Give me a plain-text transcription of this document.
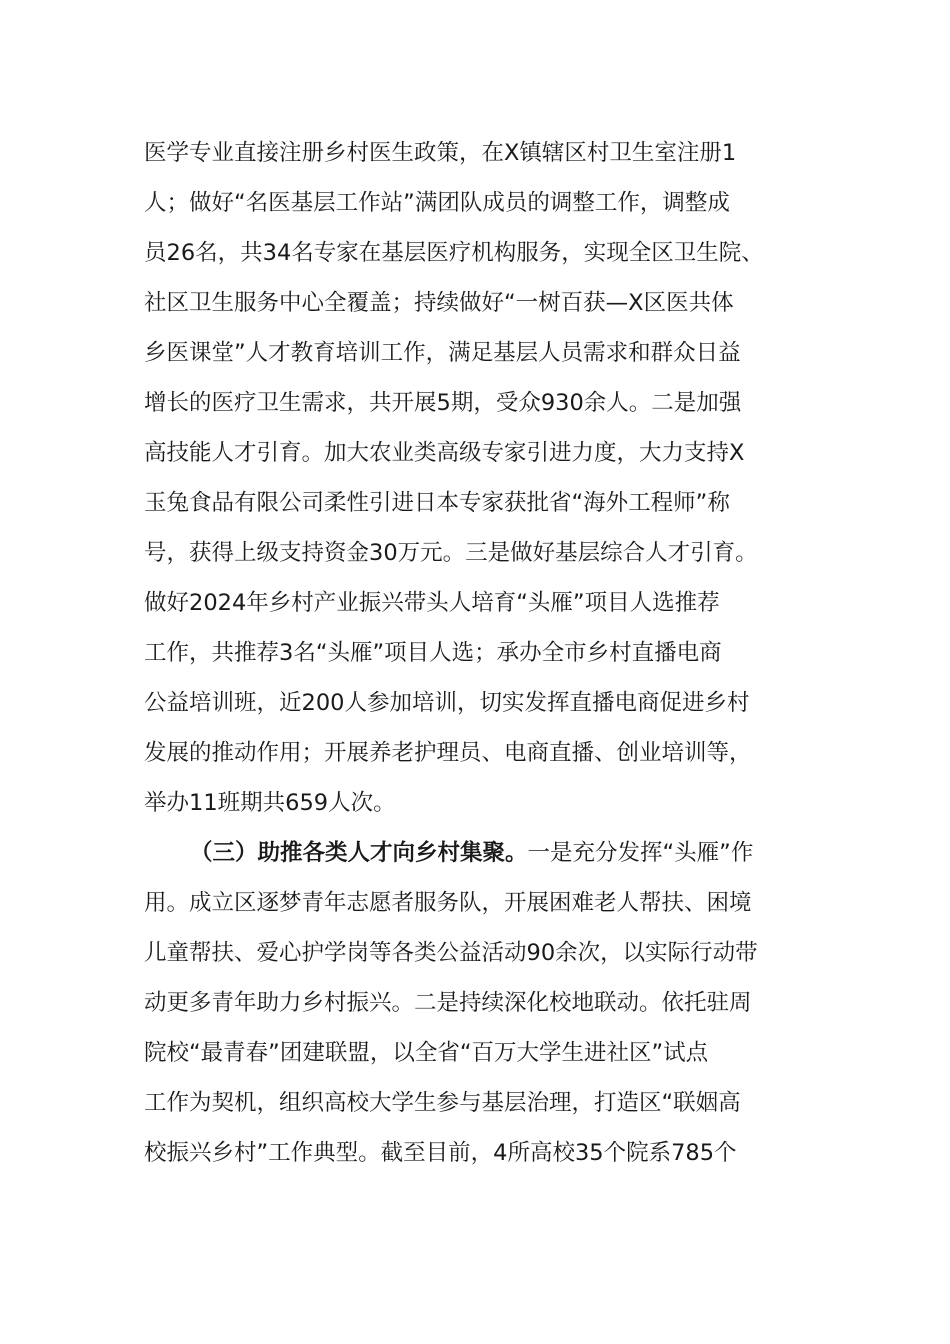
医学专业直接注册乡村医生政策，在X镇辖区村卫生室注册1
人；做好“名医基层工作站”满团队成员的调整工作，调整成
员26名，共34名专家在基层医疗机构服务，实现全区卫生院、
社区卫生服务中心全覆盖；持续做好“一树百获—X区医共体
乡医课堂”人才教育培训工作，满足基层人员需求和群众日益
增长的医疗卫生需求，共开展5期，受众930余人。二是加强
高技能人才引育。加大农业类高级专家引进力度，大力支持X
玉兔食品有限公司柔性引进日本专家获批省“海外工程师”称
号，获得上级支持资金30万元。三是做好基层综合人才引育。
做好2024年乡村产业振兴带头人培育“头雁”项目人选推荐
工作，共推荐3名“头雁”项目人选；承办全市乡村直播电商
公益培训班，近200人参加培训，切实发挥直播电商促进乡村
发展的推动作用；开展养老护理员、电商直播、创业培训等，
举办11班期共659人次。
（三）助推各类人才向乡村集聚。一是充分发挥“头雁”作
用。成立区逐梦青年志愿者服务队，开展困难老人帮扶、困境
儿童帮扶、爱心护学岗等各类公益活动90余次，以实际行动带
动更多青年助力乡村振兴。二是持续深化校地联动。依托驻周
院校“最青春”团建联盟，以全省“百万大学生进社区”试点
工作为契机，组织高校大学生参与基层治理，打造区“联姻高
校振兴乡村”工作典型。截至目前，4所高校35个院系785个
